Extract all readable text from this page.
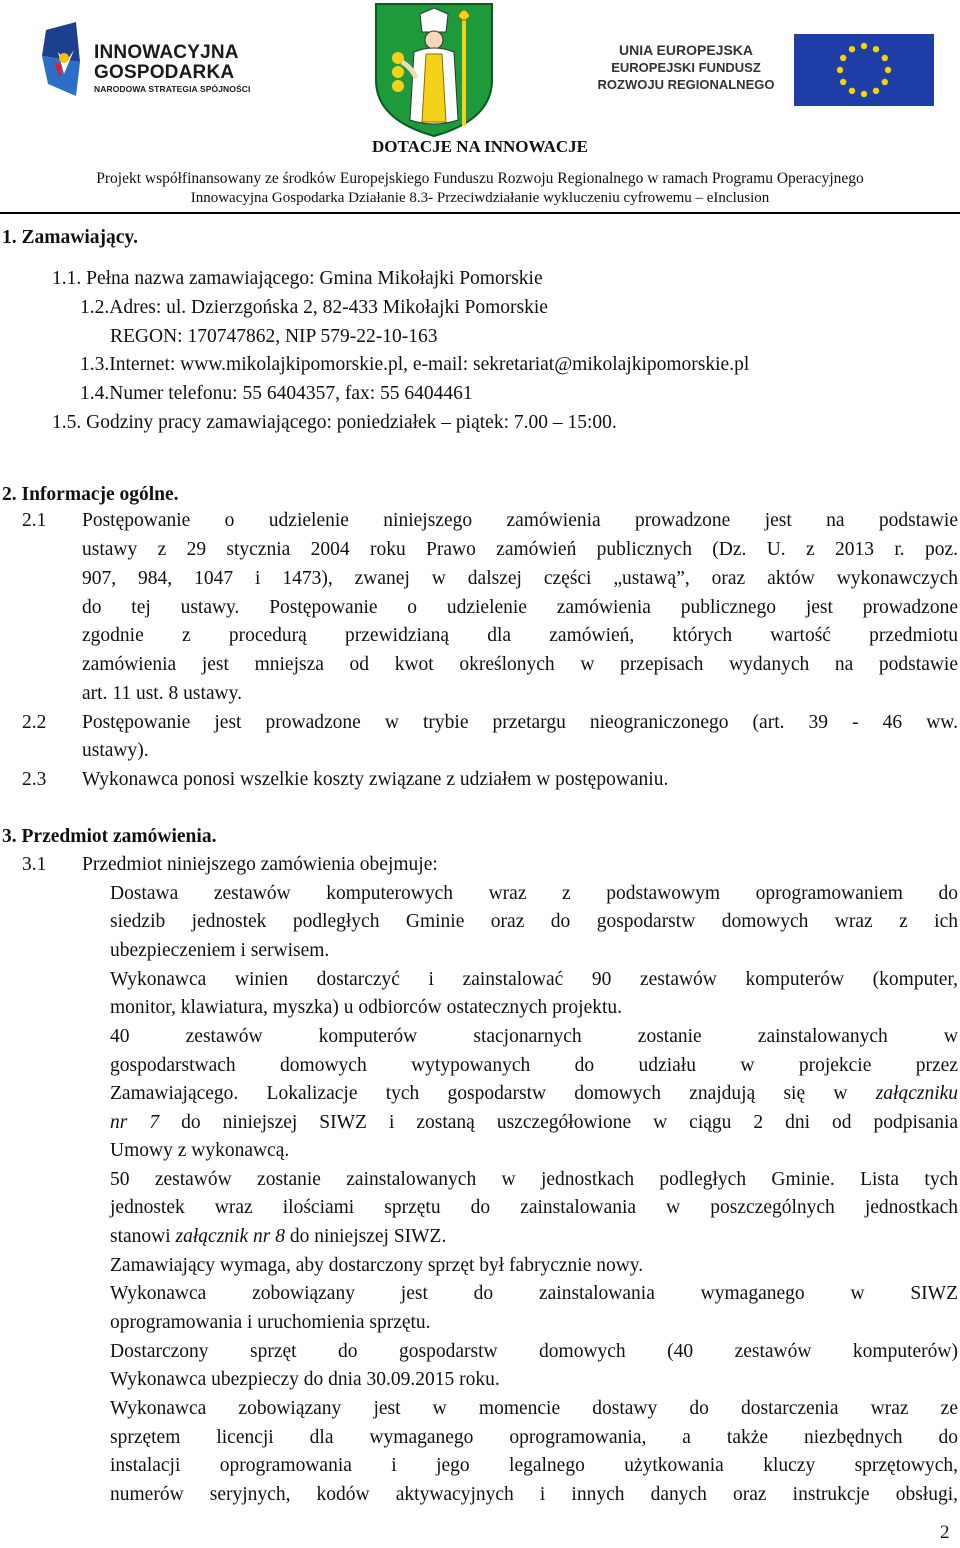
INNOWACYJNA
GOSPODARKA
NARODOWA STRATEGIA SPÓJNOŚCI
UNIA EUROPEJSKA
EUROPEJSKI FUNDUSZ
ROZWOJU REGIONALNEGO
DOTACJE NA INNOWACJE
Projekt współfinansowany ze środków Europejskiego Funduszu Rozwoju Regionalnego w ramach Programu Operacyjnego
Innowacyjna Gospodarka Działanie 8.3- Przeciwdziałanie wykluczeniu cyfrowemu – eInclusion
1. Zamawiający.
1.1. Pełna nazwa zamawiającego: Gmina Mikołajki Pomorskie
1.2.Adres: ul. Dzierzgońska 2, 82-433 Mikołajki Pomorskie
REGON: 170747862, NIP 579-22-10-163
1.3.Internet: www.mikolajkipomorskie.pl, e-mail: sekretariat@mikolajkipomorskie.pl
1.4.Numer telefonu: 55 6404357, fax: 55 6404461
1.5. Godziny pracy zamawiającego: poniedziałek – piątek: 7.00 – 15:00.
2. Informacje ogólne.
2.1 Postępowanie o udzielenie niniejszego zamówienia prowadzone jest na podstawie
ustawy z 29 stycznia 2004 roku Prawo zamówień publicznych (Dz. U. z 2013 r. poz.
907, 984, 1047 i 1473), zwanej w dalszej części „ustawą”, oraz aktów wykonawczych
do tej ustawy. Postępowanie o udzielenie zamówienia publicznego jest prowadzone
zgodnie z procedurą przewidzianą dla zamówień, których wartość przedmiotu
zamówienia jest mniejsza od kwot określonych w przepisach wydanych na podstawie
art. 11 ust. 8 ustawy.
2.2 Postępowanie jest prowadzone w trybie przetargu nieograniczonego (art. 39 - 46 ww.
ustawy).
2.3 Wykonawca ponosi wszelkie koszty związane z udziałem w postępowaniu.
3. Przedmiot zamówienia.
3.1 Przedmiot niniejszego zamówienia obejmuje:
Dostawa zestawów komputerowych wraz z podstawowym oprogramowaniem do
siedzib jednostek podległych Gminie oraz do gospodarstw domowych wraz z ich
ubezpieczeniem i serwisem.
Wykonawca winien dostarczyć i zainstalować 90 zestawów komputerów (komputer,
monitor, klawiatura, myszka) u odbiorców ostatecznych projektu.
40 zestawów komputerów stacjonarnych zostanie zainstalowanych w
gospodarstwach domowych wytypowanych do udziału w projekcie przez
Zamawiającego. Lokalizacje tych gospodarstw domowych znajdują się w załączniku
nr 7 do niniejszej SIWZ i zostaną uszczegółowione w ciągu 2 dni od podpisania
Umowy z wykonawcą.
50 zestawów zostanie zainstalowanych w jednostkach podległych Gminie. Lista tych
jednostek wraz ilościami sprzętu do zainstalowania w poszczególnych jednostkach
stanowi załącznik nr 8 do niniejszej SIWZ.
Zamawiający wymaga, aby dostarczony sprzęt był fabrycznie nowy.
Wykonawca zobowiązany jest do zainstalowania wymaganego w SIWZ
oprogramowania i uruchomienia sprzętu.
Dostarczony sprzęt do gospodarstw domowych (40 zestawów komputerów)
Wykonawca ubezpieczy do dnia 30.09.2015 roku.
Wykonawca zobowiązany jest w momencie dostawy do dostarczenia wraz ze
sprzętem licencji dla wymaganego oprogramowania, a także niezbędnych do
instalacji oprogramowania i jego legalnego użytkowania kluczy sprzętowych,
numerów seryjnych, kodów aktywacyjnych i innych danych oraz instrukcje obsługi,
2
